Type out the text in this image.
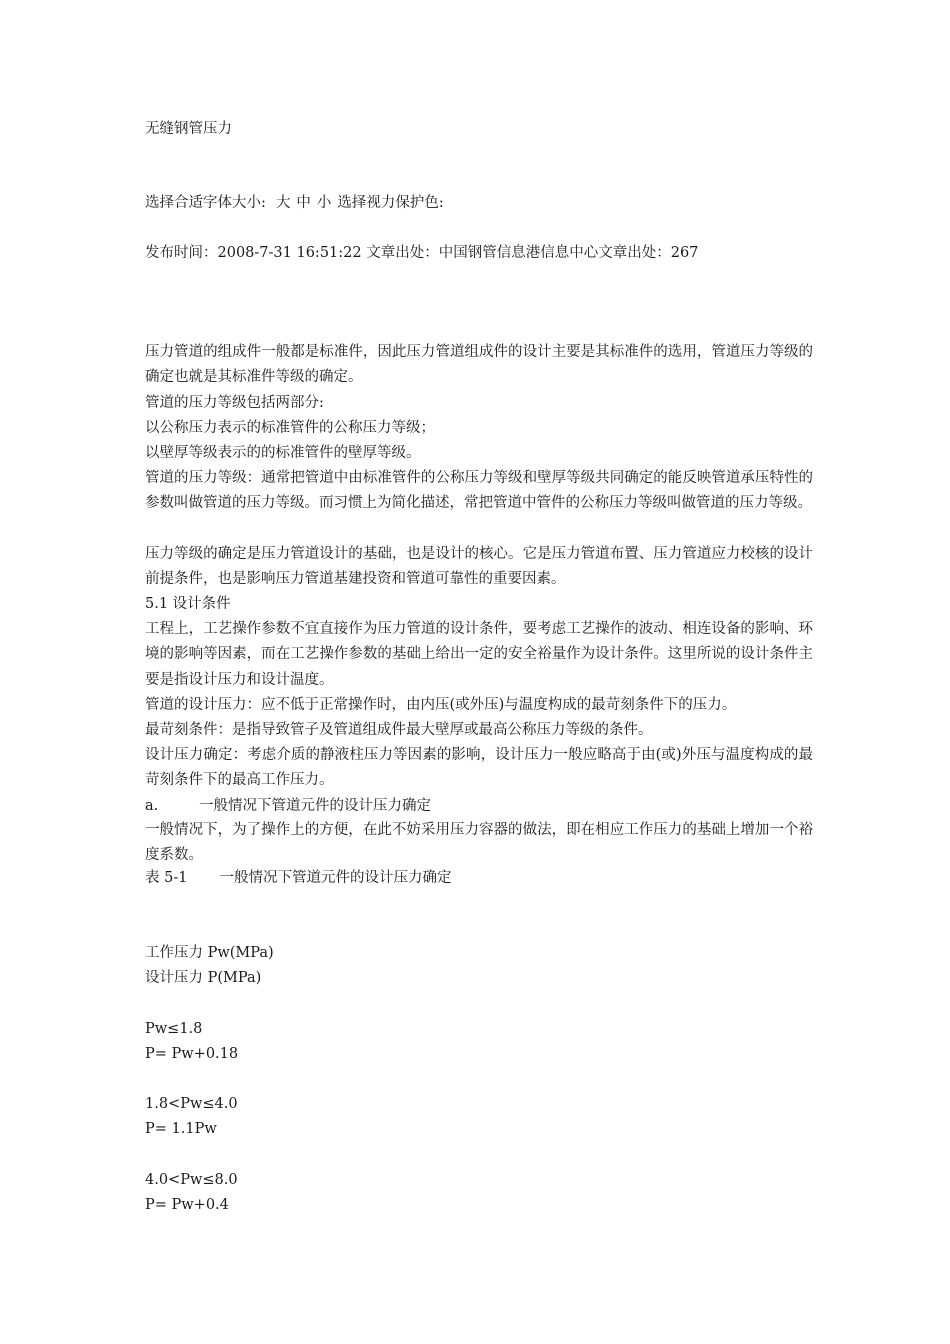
无缝钢管压力
选择合适字体大小: 大 中 小 选择视力保护色:
发布时间：2008-7-31 16:51:22 文章出处：中国钢管信息港信息中心文章出处：267
压力管道的组成件一般都是标准件，因此压力管道组成件的设计主要是其标准件的选用，管道压力等级的确定也就是其标准件等级的确定。
管道的压力等级包括两部分:
以公称压力表示的标准管件的公称压力等级；
以壁厚等级表示的的标准管件的壁厚等级。
管道的压力等级：通常把管道中由标准管件的公称压力等级和壁厚等级共同确定的能反映管道承压特性的参数叫做管道的压力等级。而习惯上为简化描述，常把管道中管件的公称压力等级叫做管道的压力等级。
压力等级的确定是压力管道设计的基础，也是设计的核心。它是压力管道布置、压力管道应力校核的设计前提条件，也是影响压力管道基建投资和管道可靠性的重要因素。
5.1 设计条件
工程上，工艺操作参数不宜直接作为压力管道的设计条件，要考虑工艺操作的波动、相连设备的影响、环境的影响等因素，而在工艺操作参数的基础上给出一定的安全裕量作为设计条件。这里所说的设计条件主要是指设计压力和设计温度。
管道的设计压力：应不低于正常操作时，由内压(或外压)与温度构成的最苛刻条件下的压力。
最苛刻条件：是指导致管子及管道组成件最大壁厚或最高公称压力等级的条件。
设计压力确定：考虑介质的静液柱压力等因素的影响，设计压力一般应略高于由(或)外压与温度构成的最苛刻条件下的最高工作压力。
a.	一般情况下管道元件的设计压力确定
一般情况下，为了操作上的方便，在此不妨采用压力容器的做法，即在相应工作压力的基础上增加一个裕度系数。
表 5-1 一般情况下管道元件的设计压力确定
工作压力 Pw(MPa)
设计压力 P(MPa)
Pw≤1.8
P= Pw+0.18
1.8<Pw≤4.0
P= 1.1Pw
4.0<Pw≤8.0
P= Pw+0.4
